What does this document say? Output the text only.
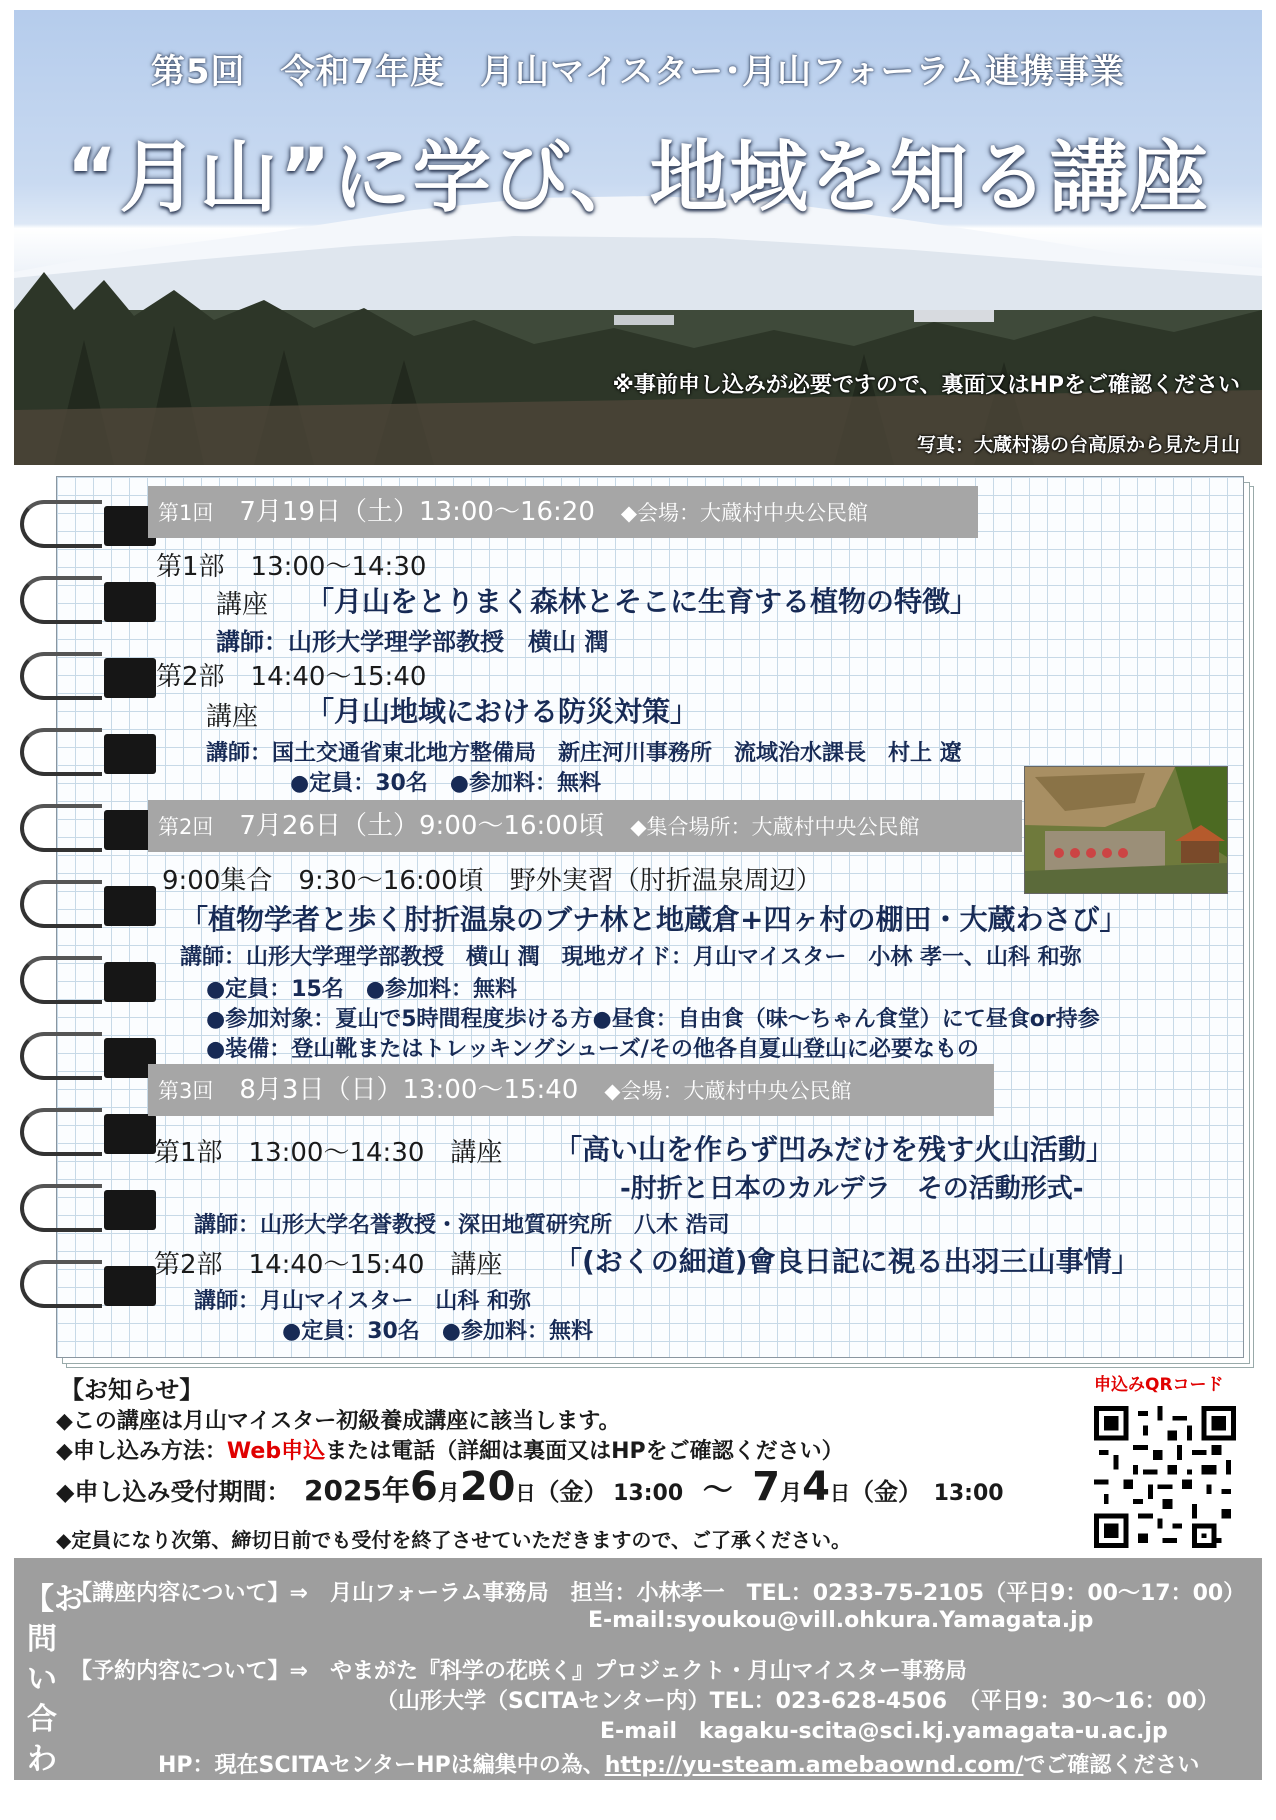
第5回　令和7年度　月山マイスター･月山フォーラム連携事業
“月山”に学び、地域を知る講座
※事前申し込みが必要ですので、裏面又はHPをご確認ください
写真：大蔵村湯の台高原から見た月山
第1回　 7月19日（土）13:00～16:20　 ◆会場：大蔵村中央公民館
第1部　13:00～14:30
講座 「月山をとりまく森林とそこに生育する植物の特徴」
講師：山形大学理学部教授　横山 潤
第2部　14:40～15:40
講座 「月山地域における防災対策」
講師：国土交通省東北地方整備局　新庄河川事務所　流域治水課長　村上 遼
●定員：30名　●参加料：無料
第2回　 7月26日（土）9:00～16:00頃　 ◆集合場所：大蔵村中央公民館
9:00集合　9:30～16:00頃　野外実習（肘折温泉周辺）
「植物学者と歩く肘折温泉のブナ林と地蔵倉+四ヶ村の棚田・大蔵わさび」
講師：山形大学理学部教授　横山 潤　現地ガイド：月山マイスター　小林 孝一、山科 和弥
●定員：15名　●参加料：無料
●参加対象：夏山で5時間程度歩ける方●昼食：自由食（味～ちゃん食堂）にて昼食or持参
●装備：登山靴またはトレッキングシューズ/その他各自夏山登山に必要なもの
第3回　 8月3日（日）13:00～15:40　 ◆会場：大蔵村中央公民館
第1部　13:00～14:30　講座 「高い山を作らず凹みだけを残す火山活動」
-肘折と日本のカルデラ　その活動形式-
講師：山形大学名誉教授・深田地質研究所　八木 浩司
第2部　14:40～15:40　講座 「(おくの細道)會良日記に視る出羽三山事情」
講師：月山マイスター　山科 和弥
●定員：30名　●参加料：無料
【お知らせ】
◆この講座は月山マイスター初級養成講座に該当します。
◆申し込み方法：Web申込または電話（詳細は裏面又はHPをご確認ください）
◆申し込み受付期間： 2025年6月20日（金） 13:00 ～ 7月4日（金） 13:00
◆定員になり次第、締切日前でも受付を終了させていただきますので、ご了承ください。
申込みQRコード
【お問い合わせ】
【講座内容について】⇒　月山フォーラム事務局　担当：小林孝一　TEL：0233-75-2105（平日9：00～17：00）
E-mail:syoukou@vill.ohkura.Yamagata.jp
【予約内容について】⇒　やまがた『科学の花咲く』プロジェクト・月山マイスター事務局
（山形大学（SCITAセンター内）TEL：023-628-4506　（平日9：30～16：00）
E-mail　kagaku-scita@sci.kj.yamagata-u.ac.jp
HP：現在SCITAセンターHPは編集中の為、http://yu-steam.amebaownd.com/でご確認ください
